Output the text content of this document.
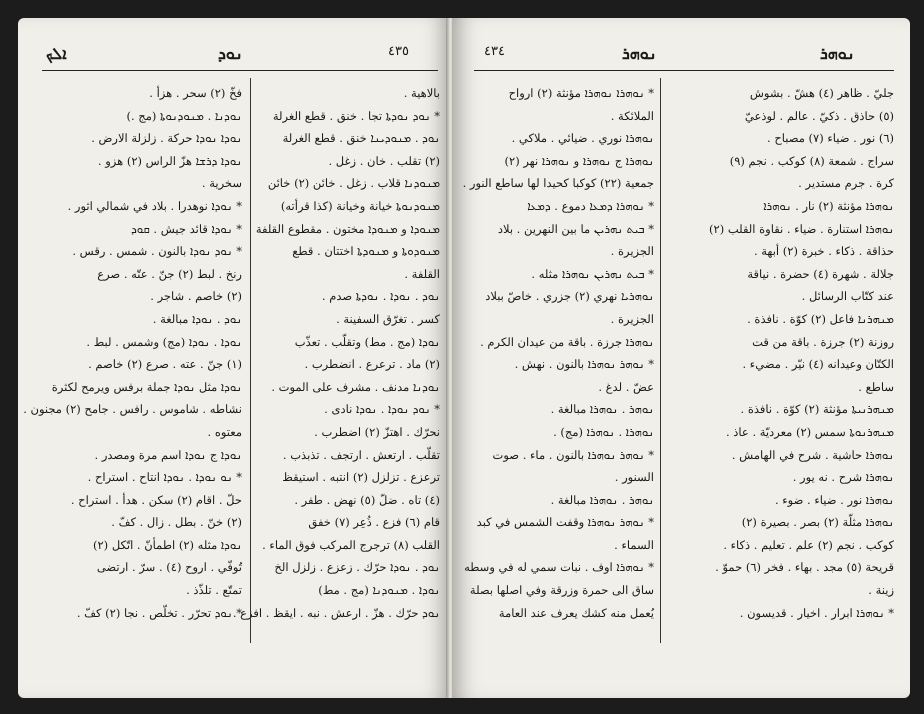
ܐܠܟ	ܢܘܕ	٤٣٥
بالاهية .
* ܢܘܕ ܢܘܕܬܐ تجا . خنق . قطع الغرلة
ܢܘܕ . ܡܢܘܕܝܢܐ خنق . قطع الغرلة
(٢) تقلب . خان . زغل .
ܡܢܘܕܢܐ قلاب . زغل . خائن (٢) خائن
ܡܢܘܕܢܘܬܐ خيانة وخيانة (كذا قرأته)
ܡܢܘܕܐ و ܡܢܘܕܐ مختون . مقطوع القلفة
ܡܢܘܕܘܬܐ و ܡܢܘܕܬܐ اختتان . قطع
القلفة .
ܢܘܕ . ܢܘܕܐ . ܢܘܕܬܐ صدم .
كسر . تغرّق السفينة .
ܢܘܕܐ (مج . مط) وتقلّب . تعذّب
(٢) ماد . ترعرع . انضطرب .
ܢܘܕܢܐ مدنف . مشرف على الموت .
* ܢܘܕ ܢܘܕܐ . ܢܘܕܐ نادى .
نحرّك . اهتزّ (٢) اضطرب .
تقلّب . ارتعش . ارتجف . تذبذب .
ترعزع . تزلزل (٢) انتبه . استيقظ
(٤) تاه . ضلّ (٥) نهض . طفر .
قام (٦) فزع . ذُعِر (٧) خفق
القلب (٨) ترجرج المركب فوق الماء .
ܢܘܕ . ܢܘܕܐ حرّك . زعزع . زلزل الخ
ܢܘܕܐ . ܡܢܘܕܢܐ (مج . مط)
ܢܘܕ حرّك . هزّ . ارعش . نبه . ايقظ . افزع .
فخّ (٢) سحر . هزأ .
ܢܘܕܢܐ . ܡܢܘܕܢܘܬܐ (مج .)
ܢܘܕܐ ܢܘܕܐ حركة . زلزلة الارض .
ܢܘܕܐ ܕܪܫܐ هزّ الراس (٢) هزو .
سخرية .
* ܢܘܕܐ نوهدرا . بلاد في شمالي اثور .
* ܢܘܕܐ قائد جيش . ܩܘܕ
* ܢܘܕ ܢܘܕܐ بالنون . شمس . رقس .
رنخ . لبط (٢) جنّ . عتّه . صرع
(٢) خاصم . شاجر .
ܢܘܕ . ܢܘܕܐ مبالغة .
ܢܘܕܐ . ܢܘܕܐ (مج) وشمس . لبط .
(١) جنّ . عته . صرع (٢) خاصم .
ܢܘܕܐ مثل ܢܘܕܐ جملة برفس ويرمح لكثرة
نشاطه . شاموس . رافس . جامح (٢) مجنون .
معتوه .
ܢܘܕܐ ج ܢܘܕܐ اسم مرة ومصدر .
* ܢܘ ܢܘܕܐ . ܢܘܕܐ انتاح . استراح .
حلّ . اقام (٢) سكن . هدأ . استراح .
(٢) خنّ . بطل . زال . كفّ .
ܢܘܕܐ مثله (٢) اطمأنّ . اتّكل (٢)
تُوفّي . اروح (٤) . سرّ . ارتضى
تمتّع . تلذّذ .
* ܢܘܕ تحرّر . تخلّص . نجا (٢) كفّ .
٤٣٤	ܢܘܗܪ	ܢܘܗܪ
جليّ . ظاهر (٤) هشّ . بشوش
(٥) حاذق . ذكيّ . عالم . لوذعيّ
(٦) نور . ضياء (٧) مصباح .
سراج . شمعة (٨) كوكب . نجم (٩)
كرة . جرم مستدير .
ܢܘܗܪܐ مؤنثة (٢) نار . ܢܘܗܪܐ
ܢܘܗܪܐ استنارة . ضياء . نقاوة القلب (٢)
حذاقة . ذكاء . خبرة (٢) أبهة .
جلالة . شهرة (٤) حضرة . نياقة
عند كتّاب الرسائل .
ܡܢܗܪܢܐ فاعل (٢) كوّة . نافذة .
روزنة (٢) جرزة . باقة من قت
الكتّان وعيدانه (٤) نيّر . مضيء .
ساطع .
ܡܢܗܪܢܝܬܐ مؤنثة (٢) كوّة . نافذة .
ܡܢܗܪܢܘܬܐ سمس (٢) معرديّة . عاذ .
ܢܘܗܪܐ حاشية . شرح في الهامش .
ܢܘܗܪܐ شرح . نه يور .
ܢܘܗܪܐ نور . ضياء . ضوء .
ܢܘܗܪܐ مثلّة (٢) بصر . بصيرة (٢)
كوكب . نجم (٢) علم . تعليم . ذكاء .
قريحة (٥) مجد . بهاء . فخر (٦) حموّ .
زينة .
* ܢܘܗܪܐ ابرار . اخيار . قديسون .
* ܢܘܗܪܐ ܢܘܗܪܐ مؤنثة (٢) ارواح
الملائكة .
ܢܘܗܪܐ نوري . ضيائي . ملاكي .
ܢܘܗܪܐ ج ܢܘܗܪܐ و ܢܘܗܪܐ نهر (٢)
جمعية (٢٢) كوكبا كحيدا لها ساطع النور .
* ܢܘܗܪܐ ܕܡܥܐ دموع . ܕܡܥܐ
* ܒܝܬ ܢܗܪܝܢ ما بين النهرين . بلاد
الجزيرة .
* ܒܝܬ ܢܗܪܝܢ ܢܘܗܪܐ مثله .
ܢܘܗܪܝܐ نهري (٢) جزري . خاصّ ببلاد
الجزيرة .
ܢܘܗܪܐ جرزة . باقة من عيدان الكرم .
* ܢܘܗܪ ܢܘܗܪܐ بالنون . نهش .
عضّ . لدغ .
ܢܘܗܪ . ܢܘܗܪܐ مبالغة .
ܢܘܗܪܐ . ܢܘܗܪܐ (مج) .
* ܢܘܗܪ ܢܘܗܪܐ بالنون . ماء . صوت
السنور .
ܢܘܗܪ . ܢܘܗܪܐ مبالغة .
* ܢܘܗܪ ܢܘܗܪܐ وقفت الشمس في كبد
السماء .
* ܢܘܗܪܐ اوف . نبات سمي له في وسطه
ساق الى حمرة وزرقة وفي اصلها بصلة
يُعمل منه كشك يعرف عند العامة
